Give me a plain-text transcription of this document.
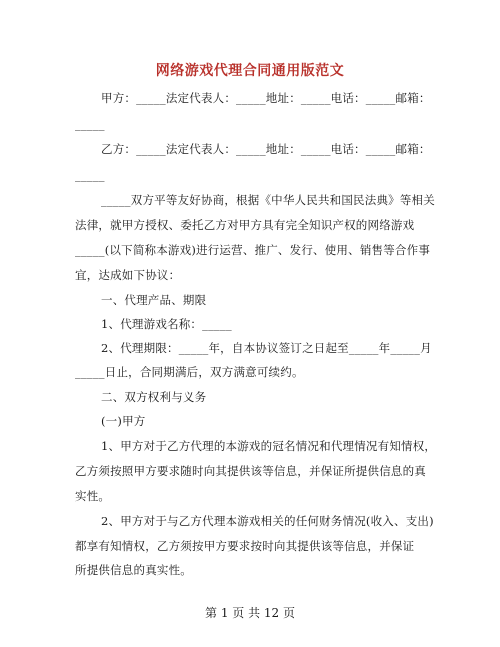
网络游戏代理合同通用版范文
甲方：_____法定代表人：_____地址：_____电话：_____邮箱：
_____
乙方：_____法定代表人：_____地址：_____电话：_____邮箱：
_____
_____双方平等友好协商，根据《中华人民共和国民法典》等相关
法律，就甲方授权、委托乙方对甲方具有完全知识产权的网络游戏
_____(以下简称本游戏)进行运营、推广、发行、使用、销售等合作事
宜，达成如下协议：
一、代理产品、期限
1、代理游戏名称：_____
2、代理期限：_____年，自本协议签订之日起至_____年_____月
_____日止，合同期满后，双方满意可续约。
二、双方权利与义务
(一)甲方
1、甲方对于乙方代理的本游戏的冠名情况和代理情况有知情权，
乙方须按照甲方要求随时向其提供该等信息，并保证所提供信息的真
实性。
2、甲方对于与乙方代理本游戏相关的任何财务情况(收入、支出)
都享有知情权，乙方须按甲方要求按时向其提供该等信息，并保证
所提供信息的真实性。
第 1 页 共 12 页
